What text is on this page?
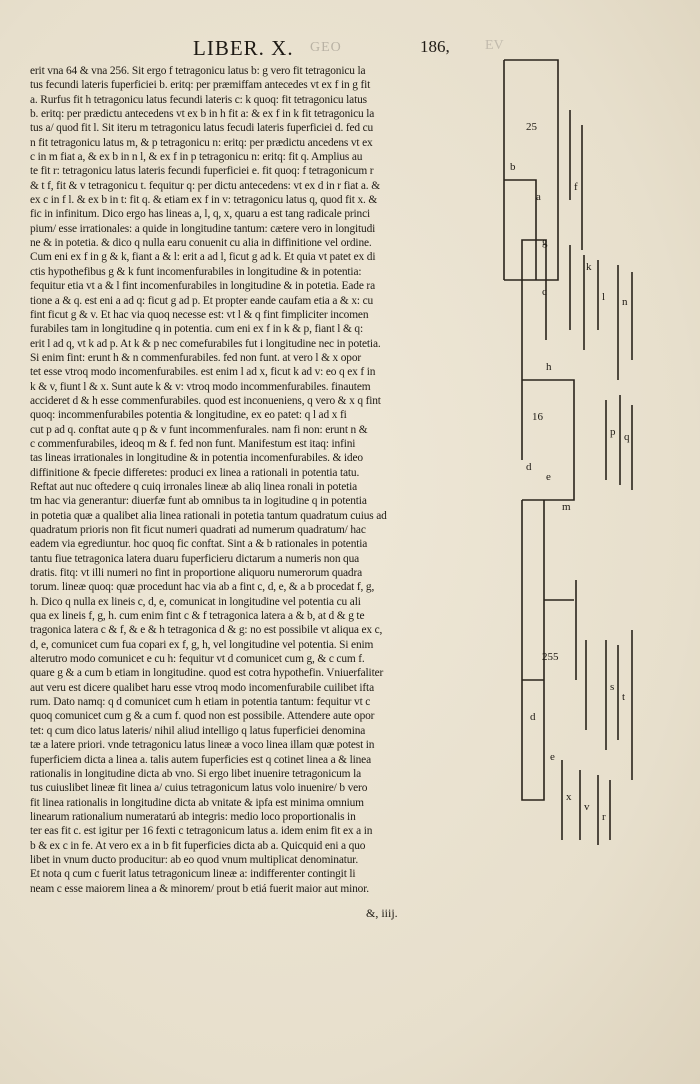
LIBER. X. GEO	186,	EV
erit vna 64 & vna 256. Sit ergo f tetragonicu latus b: g vero fit tetragonicu la
tus fecundi lateris fuperficiei b. eritq: per præmiffam antecedes vt ex f in g fit
a. Rurfus fit h tetragonicu latus fecundi lateris c: k quoq: fit tetragonicu latus
b. eritq: per prædictu antecedens vt ex b in h fit a: & ex f in k fit tetragonicu la
tus a/ quod fit l. Sit iteru m tetragonicu latus fecudi lateris fuperficiei d. fed cu
n fit tetragonicu latus m, & p tetragonicu n: eritq: per prædictu ancedens vt ex
c in m fiat a, & ex b in n l, & ex f in p tetragonicu n: eritq: fit q. Amplius au
te fit r: tetragonicu latus lateris fecundi fuperficiei e. fit quoq: f tetragonicum r
& t f, fit & v tetragonicu t. fequitur q: per dictu antecedens: vt ex d in r fiat a. &
ex c in f l. & ex b in t: fit q. & etiam ex f in v: tetragonicu latus q, quod fit x. &
fic in infinitum. Dico ergo has lineas a, l, q, x, quaru a est tang radicale princi
pium/ esse irrationales: a quide in longitudine tantum: cætere vero in longitudi
ne & in potetia. & dico q nulla earu conuenit cu alia in diffinitione vel ordine.
Cum eni ex f in g & k, fiant a & l: erit a ad l, ficut g ad k. Et quia vt patet ex di
ctis hypothefibus g & k funt incomenfurabiles in longitudine & in potentia:
fequitur etia vt a & l fint incomenfurabiles in longitudine & in potetia. Eade ra
tione a & q. est eni a ad q: ficut g ad p. Et propter eande caufam etia a & x: cu
fint ficut g & v. Et hac via quoq necesse est: vt l & q fint fimpliciter incomen
furabiles tam in longitudine q in potentia. cum eni ex f in k & p, fiant l & q:
erit l ad q, vt k ad p. At k & p nec comefurabiles fut i longitudine nec in potetia.
Si enim fint: erunt h & n commenfurabiles. fed non funt. at vero l & x opor
tet esse vtroq modo incomenfurabiles. est enim l ad x, ficut k ad v: eo q ex f in
k & v, fiunt l & x. Sunt aute k & v: vtroq modo incommenfurabiles. finautem
accideret d & h esse commenfurabiles. quod est inconueniens, q vero & x q fint
quoq: incommenfurabiles potentia & longitudine, ex eo patet: q l ad x fi
cut p ad q. conftat aute q p & v funt incommenfurales. nam fi non: erunt n &
c commenfurabiles, ideoq m & f. fed non funt. Manifestum est itaq: infini
tas lineas irrationales in longitudine & in potentia incomenfurabiles. & ideo
diffinitione & fpecie differetes: produci ex linea a rationali in potentia tatu.
Reftat aut nuc oftedere q cuiq irronales lineæ ab aliq linea ronali in potetia
tm hac via generantur: diuerfæ funt ab omnibus ta in logitudine q in potentia
in potetia quæ a qualibet alia linea rationali in potetia tantum quadratum cuius ad
quadratum prioris non fit ficut numeri quadrati ad numerum quadratum/ hac
eadem via egrediuntur. hoc quoq fic conftat. Sint a & b rationales in potentia
tantu fiue tetragonica latera duaru fuperficieru dictarum a numeris non qua
dratis. fitq: vt illi numeri no fint in proportione aliquoru numerorum quadra
torum. lineæ quoq: quæ procedunt hac via ab a fint c, d, e, & a b procedat f, g,
h. Dico q nulla ex lineis c, d, e, comunicat in longitudine vel potentia cu ali
qua ex lineis f, g, h. cum enim fint c & f tetragonica latera a & b, at d & g te
tragonica latera c & f, & e & h tetragonica d & g: no est possibile vt aliqua ex c,
d, e, comunicet cum fua copari ex f, g, h, vel longitudine vel potentia. Si enim
alterutro modo comunicet e cu h: fequitur vt d comunicet cum g, & c cum f.
quare g & a cum b etiam in longitudine. quod est cotra hypothefin. Vniuerfaliter
aut veru est dicere qualibet haru esse vtroq modo incomenfurabile cuilibet ifta
rum. Dato namq: q d comunicet cum h etiam in potentia tantum: fequitur vt c
quoq comunicet cum g & a cum f. quod non est possibile. Attendere aute opor
tet: q cum dico latus lateris/ nihil aliud intelligo q latus fuperficiei denomina
tæ a latere priori. vnde tetragonicu latus lineæ a voco linea illam quæ potest in
fuperficiem dicta a linea a. talis autem fuperficies est q cotinet linea a & linea
rationalis in longitudine dicta ab vno. Si ergo libet inuenire tetragonicum la
tus cuiuslibet lineæ fit linea a/ cuius tetragonicum latus volo inuenire/ b vero
fit linea rationalis in longitudine dicta ab vnitate & ipfa est minima omnium
linearum rationalium numeratarú ab integris: medio loco proportionalis in
ter eas fit c. est igitur per 16 fexti c tetragonicum latus a. idem enim fit ex a in
b & ex c in fe. At vero ex a in b fit fuperficies dicta ab a. Quicquid eni a quo
libet in vnum ducto producitur: ab eo quod vnum multiplicat denominatur.
Et nota q cum c fuerit latus tetragonicum lineæ a: indifferenter contingit li
neam c esse maiorem linea a & minorem/ prout b etiá fuerit maior aut minor.
&, iiij.
25
b
a
g
c
h
16
d
e
m
255
d
e
f
k
l n
p q
s
t
x
v
r
